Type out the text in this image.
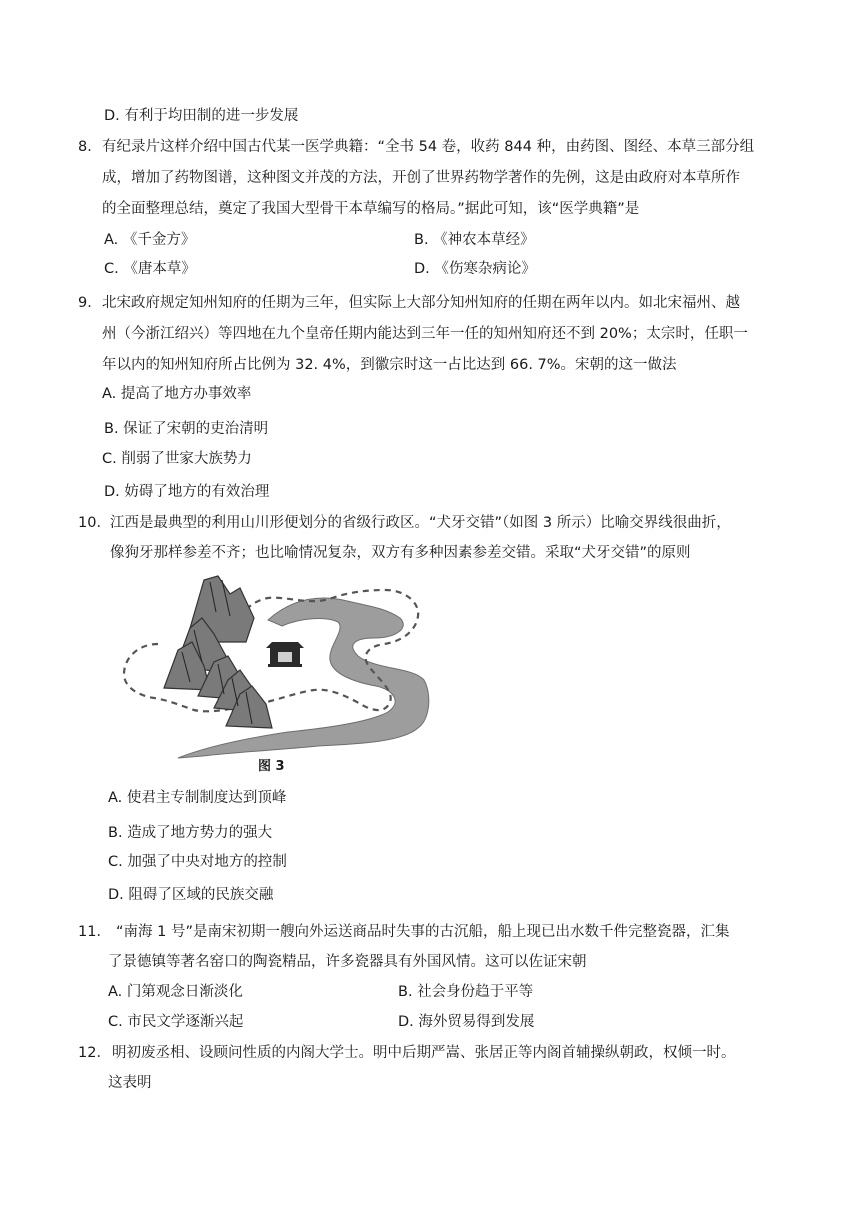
D. 有利于均田制的进一步发展
8． 有纪录片这样介绍中国古代某一医学典籍：“全书 54 卷，收药 844 种，由药图、图经、本草三部分组
成，增加了药物图谱，这种图文并茂的方法，开创了世界药物学著作的先例，这是由政府对本草所作
的全面整理总结，奠定了我国大型骨干本草编写的格局。”据此可知，该“医学典籍”是
A. 《千金方》	B. 《神农本草经》
C. 《唐本草》	D. 《伤寒杂病论》
9． 北宋政府规定知州知府的任期为三年，但实际上大部分知州知府的任期在两年以内。如北宋福州、越
州（今浙江绍兴）等四地在九个皇帝任期内能达到三年一任的知州知府还不到 20%；太宗时，任职一
年以内的知州知府所占比例为 32. 4%，到徽宗时这一占比达到 66. 7%。宋朝的这一做法
A. 提高了地方办事效率
B. 保证了宋朝的吏治清明
C. 削弱了世家大族势力
D. 妨碍了地方的有效治理
10． 江西是最典型的利用山川形便划分的省级行政区。“犬牙交错”（如图 3 所示）比喻交界线很曲折，
像狗牙那样参差不齐；也比喻情况复杂，双方有多种因素参差交错。采取“犬牙交错”的原则
图 3
A. 使君主专制制度达到顶峰
B. 造成了地方势力的强大
C. 加强了中央对地方的控制
D. 阻碍了区域的民族交融
11． “南海 1 号”是南宋初期一艘向外运送商品时失事的古沉船，船上现已出水数千件完整瓷器，汇集
了景德镇等著名窑口的陶瓷精品，许多瓷器具有外国风情。这可以佐证宋朝
A. 门第观念日渐淡化	B. 社会身份趋于平等
C. 市民文学逐渐兴起	D. 海外贸易得到发展
12． 明初废丞相、设顾问性质的内阁大学士。明中后期严嵩、张居正等内阁首辅操纵朝政，权倾一时。
这表明
